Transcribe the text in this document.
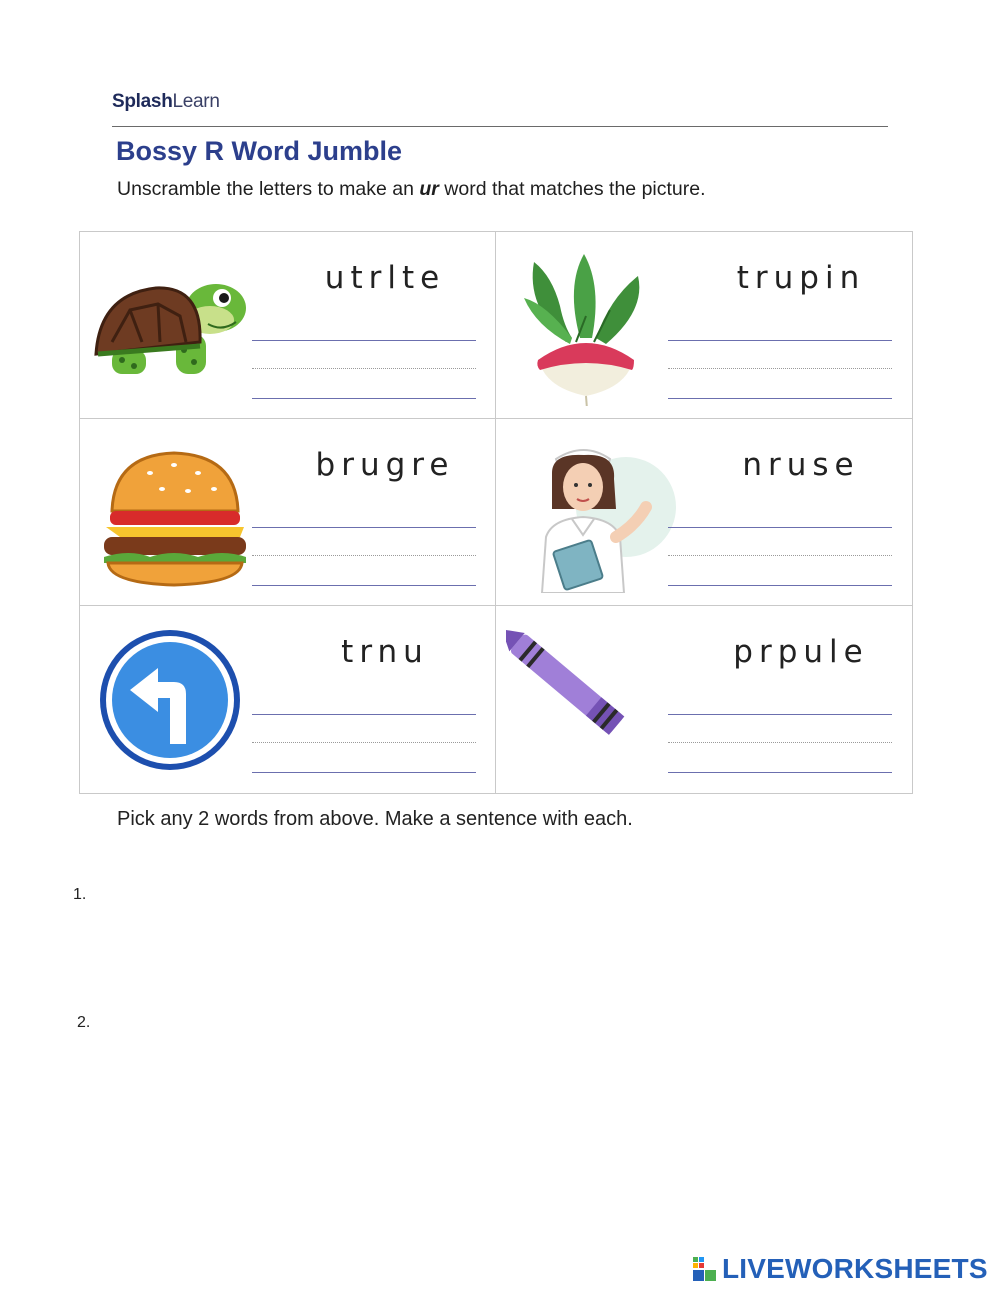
SplashLearn
Bossy R Word Jumble
Unscramble the letters to make an ur word that matches the picture.
utrlte	trupin
brugre	nruse
trnu	prpule
Pick any 2 words from above. Make a sentence with each.
1.
2.
LIVEWORKSHEETS
